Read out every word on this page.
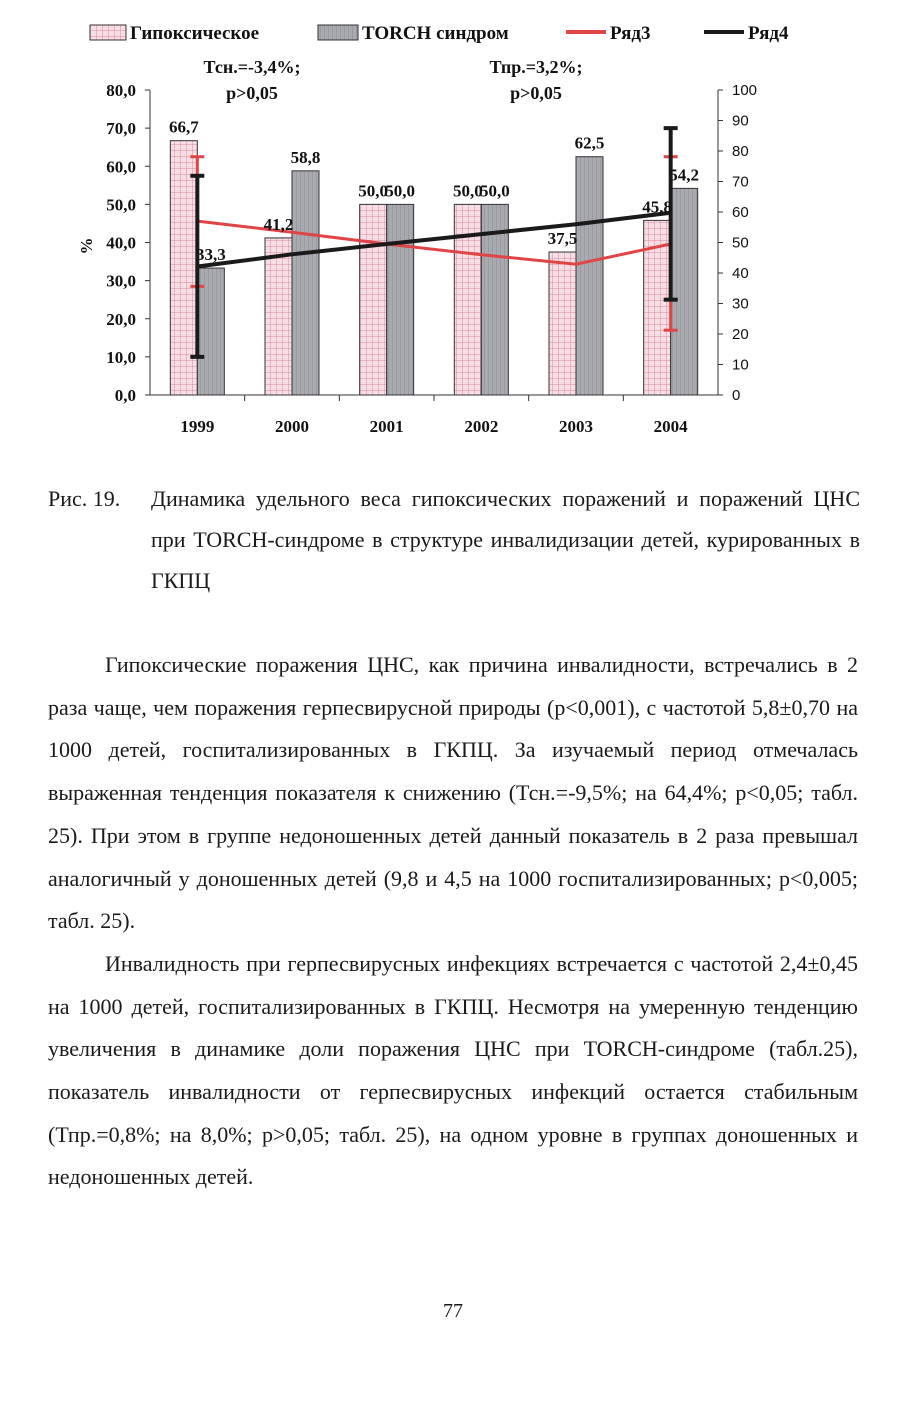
Гипоксическое	TORCH синдром	Ряд3	Ряд4
Тсн.=-3,4%;
p>0,05
Тпр.=3,2%;
p>0,05
0,0
10,0
20,0
30,0
40,0
50,0
60,0
70,0
80,0
0
10
20
30
40
50
60
70
80
90
100
%
1999	2000	2001	2002	2003	2004
66,7
33,3
41,2
58,8
50,0
50,0 50,0
50,0
37,5
62,5
45,8
54,2
Рис. 19. Динамика удельного веса гипоксических поражений и поражений ЦНС при TORCH-синдроме в структуре инвалидизации детей, курированных в ГКПЦ

Гипоксические поражения ЦНС, как причина инвалидности, встречались в 2 раза чаще, чем поражения герпесвирусной природы (p<0,001), с частотой 5,8±0,70 на 1000 детей, госпитализированных в ГКПЦ. За изучаемый период отмечалась выраженная тенденция показателя к снижению (Тсн.=-9,5%; на 64,4%; p<0,05; табл. 25). При этом в группе недоношенных детей данный показатель в 2 раза превышал аналогичный у доношенных детей (9,8 и 4,5 на 1000 госпитализированных; p<0,005; табл. 25).

Инвалидность при герпесвирусных инфекциях встречается с частотой 2,4±0,45 на 1000 детей, госпитализированных в ГКПЦ. Несмотря на умеренную тенденцию увеличения в динамике доли поражения ЦНС при TORCH-синдроме (табл.25), показатель инвалидности от герпесвирусных инфекций остается стабильным (Тпр.=0,8%; на 8,0%; p>0,05; табл. 25), на одном уровне в группах доношенных и недоношенных детей.

77
